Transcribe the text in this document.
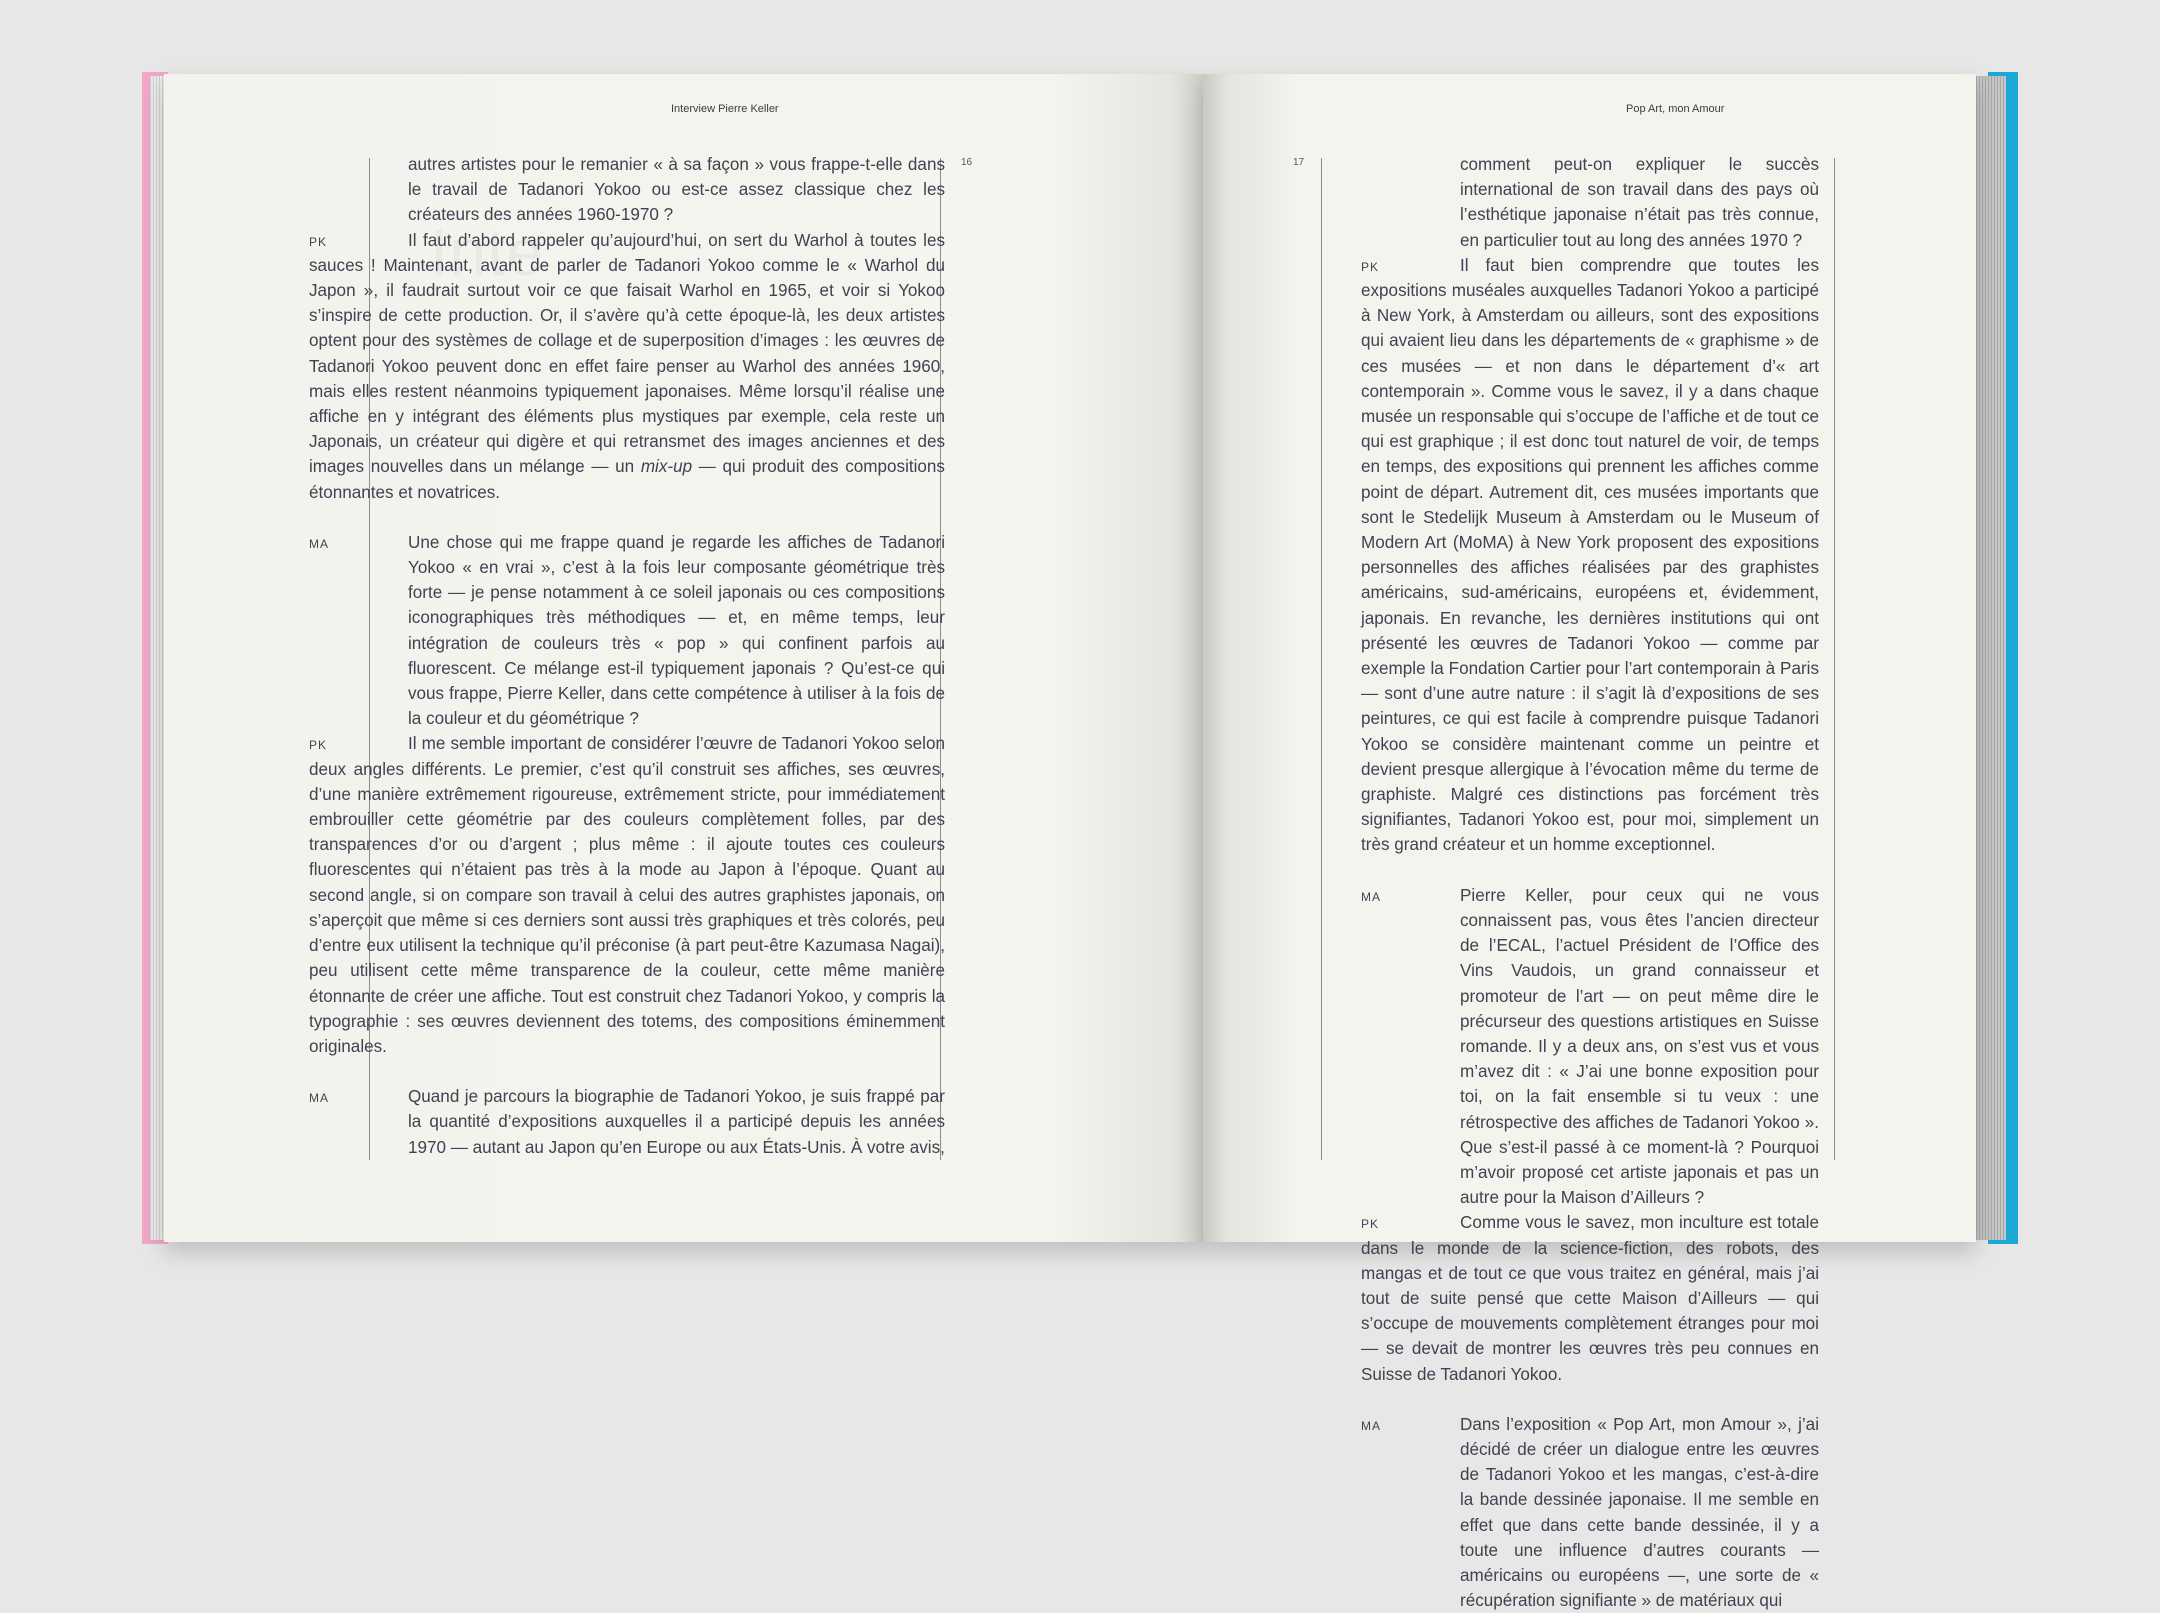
Inte
Interview Pierre Keller
16
autres artistes pour le remanier « à sa façon » vous frappe-t-elle dans le travail de Tadanori Yokoo ou est-ce assez classique chez les créateurs des années 1960-1970 ?
PK	Il faut d’abord rappeler qu’aujourd’hui, on sert du Warhol à toutes les sauces ! Maintenant, avant de parler de Tadanori Yokoo comme le « Warhol du Japon », il faudrait surtout voir ce que faisait Warhol en 1965, et voir si Yokoo s’inspire de cette production. Or, il s’avère qu’à cette époque-là, les deux artistes optent pour des systèmes de collage et de superposition d’images : les œuvres de Tadanori Yokoo peuvent donc en effet faire penser au Warhol des années 1960, mais elles restent néanmoins typiquement japonaises. Même lorsqu’il réalise une affiche en y intégrant des éléments plus mystiques par exemple, cela reste un Japonais, un créateur qui digère et qui retransmet des images anciennes et des images nouvelles dans un mélange — un mix-up — qui produit des compositions étonnantes et novatrices.
MA	Une chose qui me frappe quand je regarde les affiches de Tadanori Yokoo « en vrai », c’est à la fois leur composante géométrique très forte — je pense notamment à ce soleil japonais ou ces compositions iconographiques très méthodiques — et, en même temps, leur intégration de couleurs très « pop » qui confinent parfois au fluorescent. Ce mélange est-il typiquement japonais ? Qu’est-ce qui vous frappe, Pierre Keller, dans cette compétence à utiliser à la fois de la couleur et du géométrique ?
PK	Il me semble important de considérer l’œuvre de Tadanori Yokoo selon deux angles différents. Le premier, c’est qu’il construit ses affiches, ses œuvres, d’une manière extrêmement rigoureuse, extrêmement stricte, pour immédiatement embrouiller cette géométrie par des couleurs complètement folles, par des transparences d’or ou d’argent ; plus même : il ajoute toutes ces couleurs fluorescentes qui n’étaient pas très à la mode au Japon à l’époque. Quant au second angle, si on compare son travail à celui des autres graphistes japonais, on s’aperçoit que même si ces derniers sont aussi très graphiques et très colorés, peu d’entre eux utilisent la technique qu’il préconise (à part peut-être Kazumasa Nagai), peu utilisent cette même transparence de la couleur, cette même manière étonnante de créer une affiche. Tout est construit chez Tadanori Yokoo, y compris la typographie : ses œuvres deviennent des totems, des compositions éminemment originales.
MA	Quand je parcours la biographie de Tadanori Yokoo, je suis frappé par la quantité d’expositions auxquelles il a participé depuis les années 1970 — autant au Japon qu’en Europe ou aux États-Unis. À votre avis,
Pop Art, mon Amour
17	comment peut-on expliquer le succès international de son travail dans des pays où l’esthétique japonaise n’était pas très connue, en particulier tout au long des années 1970 ?
PK	Il faut bien comprendre que toutes les expositions muséales auxquelles Tadanori Yokoo a participé à New York, à Amsterdam ou ailleurs, sont des expositions qui avaient lieu dans les départements de « graphisme » de ces musées — et non dans le département d’« art contemporain ». Comme vous le savez, il y a dans chaque musée un responsable qui s’occupe de l’affiche et de tout ce qui est graphique ; il est donc tout naturel de voir, de temps en temps, des expositions qui prennent les affiches comme point de départ. Autrement dit, ces musées importants que sont le Stedelijk Museum à Amsterdam ou le Museum of Modern Art (MoMA) à New York proposent des expositions personnelles des affiches réalisées par des graphistes américains, sud-américains, européens et, évidemment, japonais. En revanche, les dernières institutions qui ont présenté les œuvres de Tadanori Yokoo — comme par exemple la Fondation Cartier pour l’art contemporain à Paris — sont d’une autre nature : il s’agit là d’expositions de ses peintures, ce qui est facile à comprendre puisque Tadanori Yokoo se considère maintenant comme un peintre et devient presque allergique à l’évocation même du terme de graphiste. Malgré ces distinctions pas forcément très signifiantes, Tadanori Yokoo est, pour moi, simplement un très grand créateur et un homme exceptionnel.
MA	Pierre Keller, pour ceux qui ne vous connaissent pas, vous êtes l’ancien directeur de l’ECAL, l’actuel Président de l’Office des Vins Vaudois, un grand connaisseur et promoteur de l’art — on peut même dire le précurseur des questions artistiques en Suisse romande. Il y a deux ans, on s’est vus et vous m’avez dit : « J’ai une bonne exposition pour toi, on la fait ensemble si tu veux : une rétrospective des affiches de Tadanori Yokoo ». Que s’est-il passé à ce moment-là ? Pourquoi m’avoir proposé cet artiste japonais et pas un autre pour la Maison d’Ailleurs ?
PK	Comme vous le savez, mon inculture est totale dans le monde de la science-fiction, des robots, des mangas et de tout ce que vous traitez en général, mais j’ai tout de suite pensé que cette Maison d’Ailleurs — qui s’occupe de mouvements complètement étranges pour moi — se devait de montrer les œuvres très peu connues en Suisse de Tadanori Yokoo.
MA	Dans l’exposition « Pop Art, mon Amour », j’ai décidé de créer un dialogue entre les œuvres de Tadanori Yokoo et les mangas, c’est-à-dire la bande dessinée japonaise. Il me semble en effet que dans cette bande dessinée, il y a toute une influence d’autres courants — américains ou européens —, une sorte de « récupération signifiante » de matériaux qui
